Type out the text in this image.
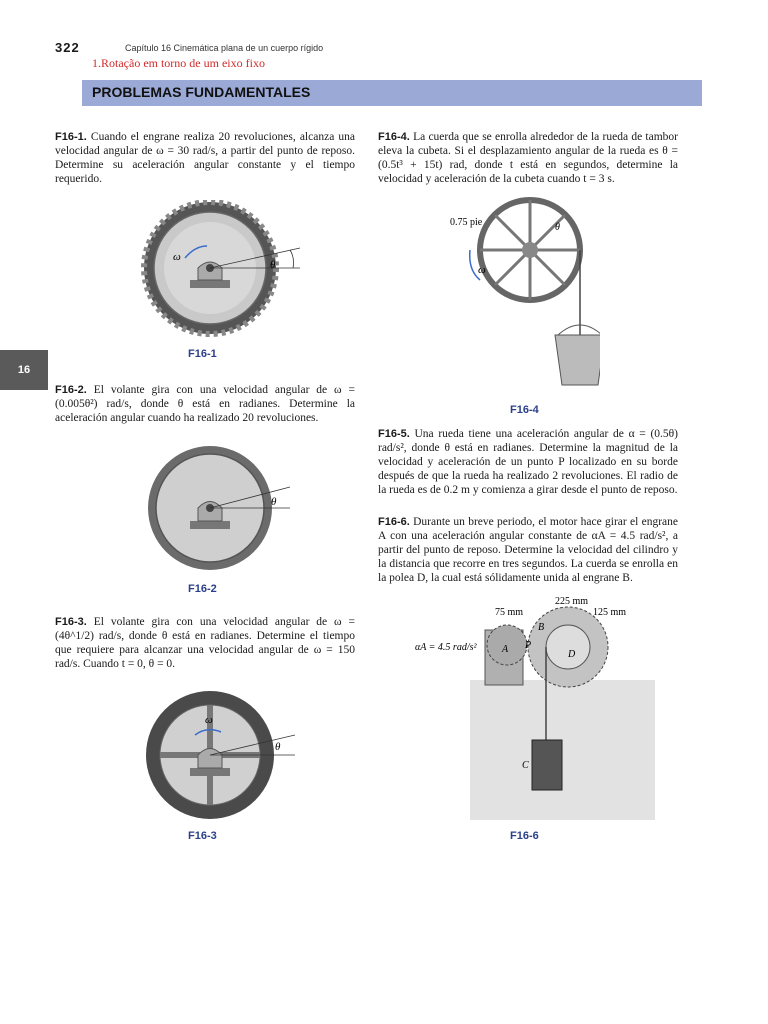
322	Capítulo 16 Cinemática plana de un cuerpo rígido
1.Rotação em torno de um eixo fixo
PROBLEMAS FUNDAMENTALES
16
F16-1. Cuando el engrane realiza 20 revoluciones, alcanza una velocidad angular de ω = 30 rad/s, a partir del punto de reposo. Determine su aceleración angular constante y el tiempo requerido.
θ
ω
F16-1
F16-2. El volante gira con una velocidad angular de ω = (0.005θ²) rad/s, donde θ está en radianes. Determine la aceleración angular cuando ha realizado 20 revoluciones.
θ
F16-2
F16-3. El volante gira con una velocidad angular de ω = (4θ^1/2) rad/s, donde θ está en radianes. Determine el tiempo que requiere para alcanzar una velocidad angular de ω = 150 rad/s. Cuando t = 0, θ = 0.
θ
ω
F16-3
F16-4. La cuerda que se enrolla alrededor de la rueda de tambor eleva la cubeta. Si el desplazamiento angular de la rueda es θ = (0.5t³ + 15t) rad, donde t está en segundos, determine la velocidad y aceleración de la cubeta cuando t = 3 s.
0.75 pie	θ
ω
F16-4
F16-5. Una rueda tiene una aceleración angular de α = (0.5θ) rad/s², donde θ está en radianes. Determine la magnitud de la velocidad y aceleración de un punto P localizado en su borde después de que la rueda ha realizado 2 revoluciones. El radio de la rueda es de 0.2 m y comienza a girar desde el punto de reposo.
F16-6. Durante un breve periodo, el motor hace girar el engrane A con una aceleración angular constante de αA = 4.5 rad/s², a partir del punto de reposo. Determine la velocidad del cilindro y la distancia que recorre en tres segundos. La cuerda se enrolla en la polea D, la cual está sólidamente unida al engrane B.
225 mm
75 mm	125 mm
αA = 4.5 rad/s²	A
B
D
P
C
F16-6
